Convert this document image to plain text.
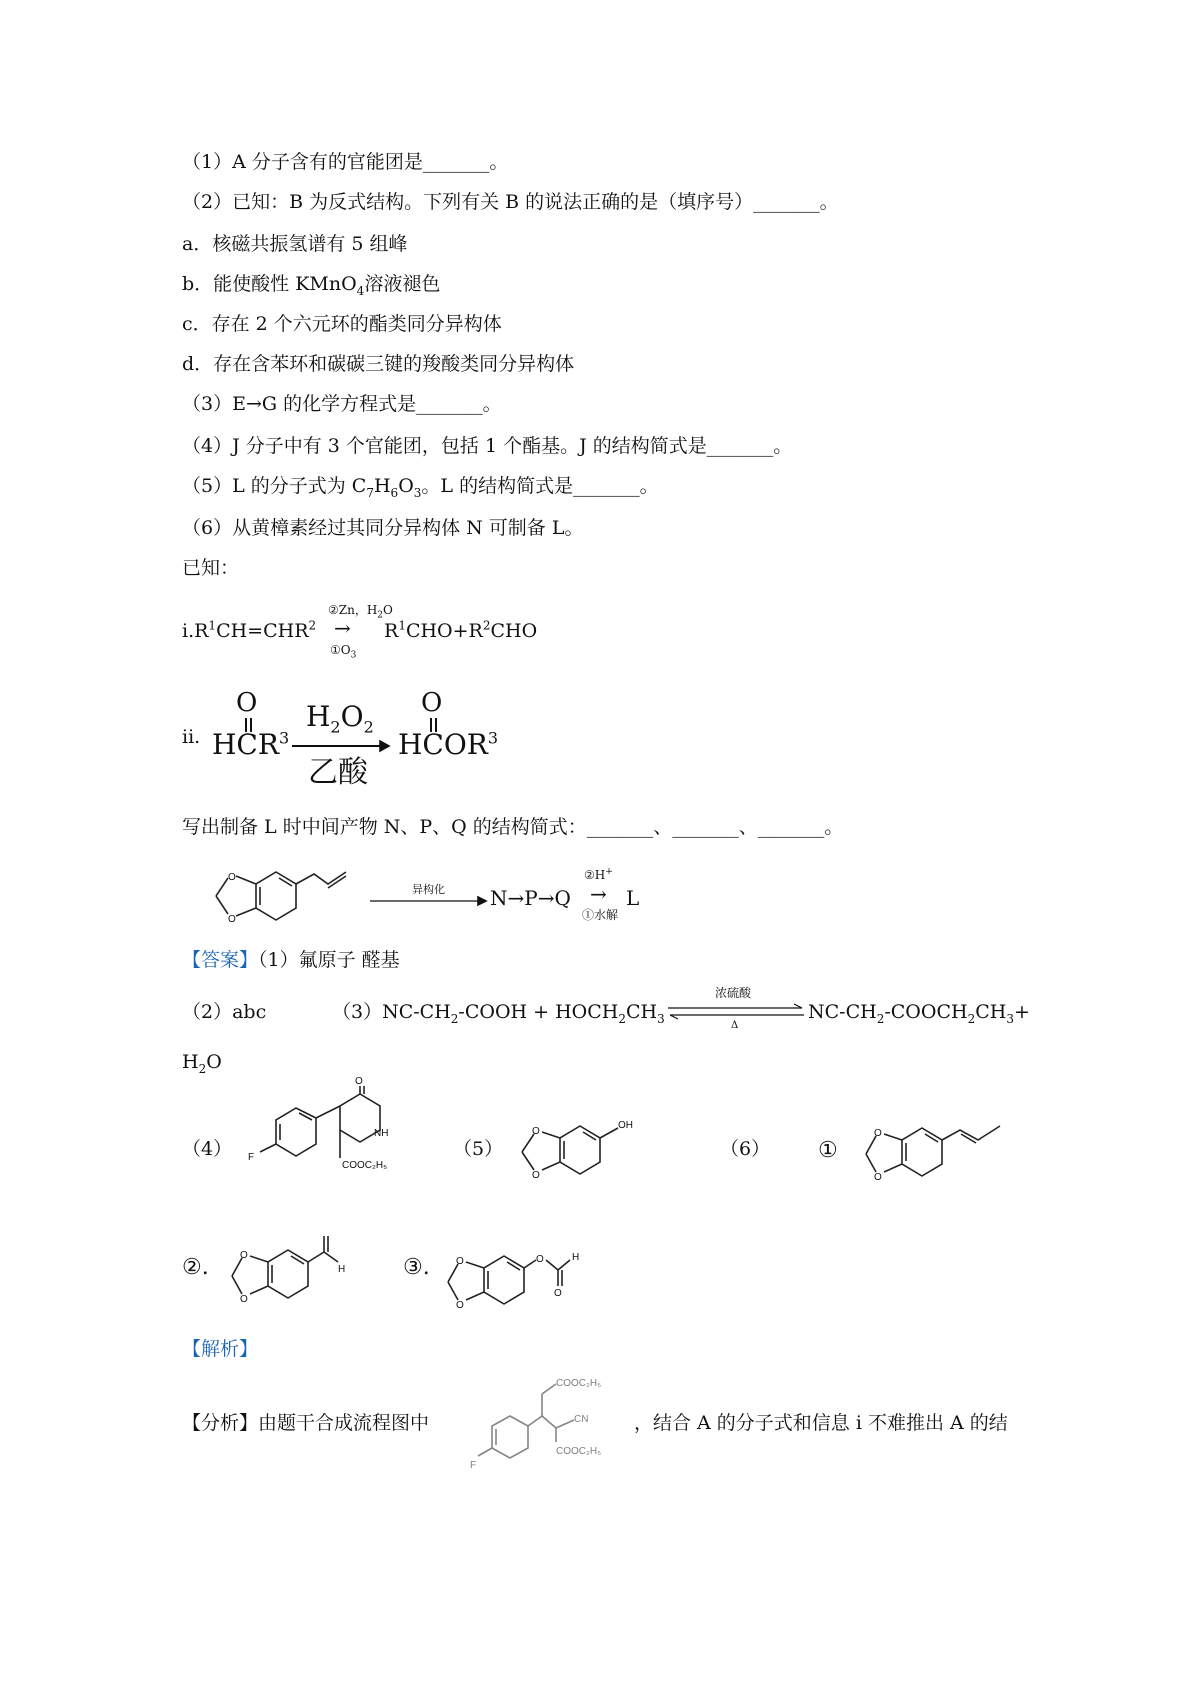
（1）A 分子含有的官能团是_______。
（2）已知：B 为反式结构。下列有关 B 的说法正确的是（填序号）_______。
a．核磁共振氢谱有 5 组峰
b．能使酸性 KMnO$_4$溶液褪色
c．存在 2 个六元环的酯类同分异构体
d．存在含苯环和碳碳三键的羧酸类同分异构体
（3）E→G 的化学方程式是_______。
（4）J 分子中有 3 个官能团，包括 1 个酯基。J 的结构简式是_______。
（5）L 的分子式为 $C_7H_6O_3$。L 的结构简式是_______。
（6）从黄樟素经过其同分异构体 N 可制备 L。
已知：
$i.R^1CH=CHR^2$
②Zn，$H_2O$
→
$①O_3$
$R^1CHO+R^2CHO$
ii.
O
HCR$^3$
$H_2O_2$
乙酸
O
HCOR$^3$
写出制备 L 时中间产物 N、P、Q 的结构简式：_______、_______、_______。
O
O
异构化 N→P→Q
②H+
→
①水解
L
【答案】（1）氟原子 醛基
（2）abc	$(3)NC-CH_2$-COOH + $HOCH_2CH_3$
浓硫酸
Δ
$NC-CH_2-COOCH_2CH_3+$
$H_2O$
（4）
O
NH
COOC₂H₅
F	（5）
O
O
OH
（6） ①
O
O
②.	O
O
H	③.	O
O
O	H
O
【解析】
【分析】由题干合成流程图中
F
COOC₂H₅
CN
COOC₂H₅
，结合 A 的分子式和信息 i 不难推出 A 的结
